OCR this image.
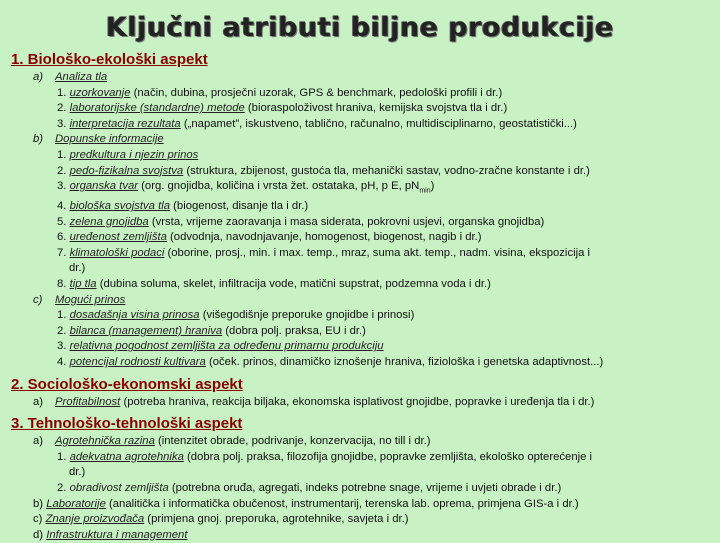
Ključni atributi biljne produkcije
1. Biološko-ekološki aspekt
a) Analiza tla
1. uzorkovanje (način, dubina, prosječni uzorak, GPS & benchmark, pedološki profili i dr.)
2. laboratorijske (standardne) metode (bioraspoloživost hraniva, kemijska svojstva tla i dr.)
3. interpretacija rezultata („napamet”, iskustveno, tablično, računalno, multidisciplinarno, geostatistički...)
b) Dopunske informacije
1. predkultura i njezin prinos
2. pedo-fizikalna svojstva (struktura, zbijenost, gustoća tla, mehanički sastav, vodno-zračne konstante i dr.)
3. organska tvar (org. gnojidba, količina i vrsta žet. ostataka, pH, p E, $pN_{min}$)
4. biološka svojstva tla (biogenost, disanje tla i dr.)
5. zelena gnojidba (vrsta, vrijeme zaoravanja i masa siderata, pokrovni usjevi, organska gnojidba)
6. uređenost zemljišta (odvodnja, navodnjavanje, homogenost, biogenost, nagib i dr.)
7. klimatološki podaci (oborine, prosj., min. i max. temp., mraz, suma akt. temp., nadm. visina, ekspozicija i
dr.)
8. tip tla (dubina soluma, skelet, infiltracija vode, matični supstrat, podzemna voda i dr.)
c) Mogući prinos
1. dosadašnja visina prinosa (višegodišnje preporuke gnojidbe i prinosi)
2. bilanca (management) hraniva (dobra polj. praksa, EU i dr.)
3. relativna pogodnost zemljišta za određenu primarnu produkciju
4. potencijal rodnosti kultivara (oček. prinos, dinamičko iznošenje hraniva, fiziološka i genetska adaptivnost...)
2. Sociološko-ekonomski aspekt
a) Profitabilnost (potreba hraniva, reakcija biljaka, ekonomska isplativost gnojidbe, popravke i uređenja tla i dr.)
3. Tehnološko-tehnološki aspekt
a) Agrotehnička razina (intenzitet obrade, podrivanje, konzervacija, no till i dr.)
1. adekvatna agrotehnika (dobra polj. praksa, filozofija gnojidbe, popravke zemljišta, ekološko opterećenje i
dr.)
2. obradivost zemljišta (potrebna oruđa, agregati, indeks potrebne snage, vrijeme i uvjeti obrade i dr.)
b) Laboratorije (analitička i informatička obučenost, instrumentarij, terenska lab. oprema, primjena GIS-a i dr.)
c) Znanje proizvođača (primjena gnoj. preporuka, agrotehnike, savjeta i dr.)
d) Infrastruktura i management
